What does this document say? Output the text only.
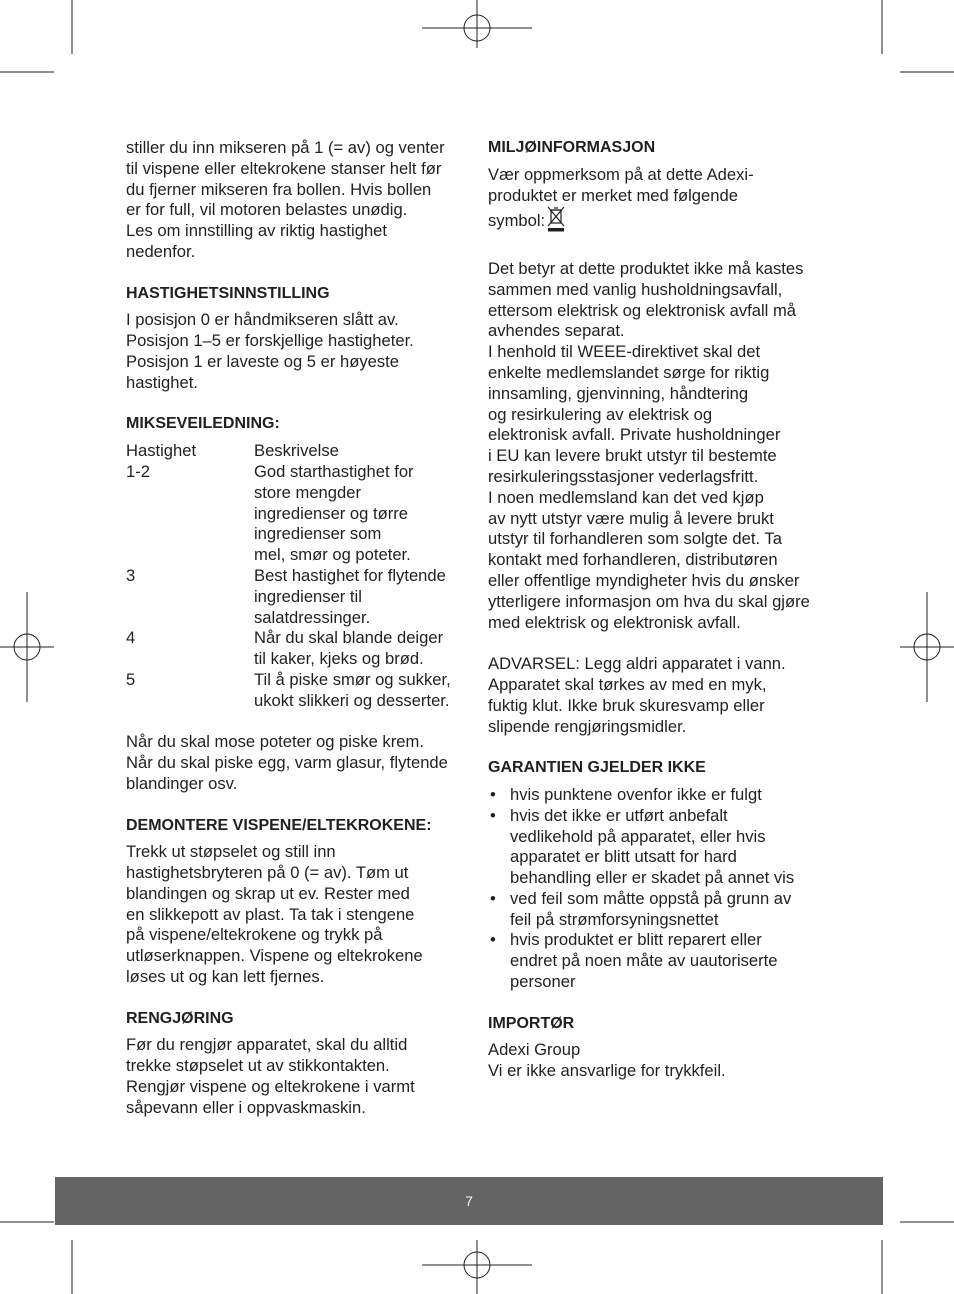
stiller du inn mikseren på 1 (= av) og venter
til vispene eller eltekrokene stanser helt før
du fjerner mikseren fra bollen. Hvis bollen
er for full, vil motoren belastes unødig.
Les om innstilling av riktig hastighet
nedenfor.

HASTIGHETSINNSTILLING

I posisjon 0 er håndmikseren slått av.
Posisjon 1–5 er forskjellige hastigheter.
Posisjon 1 er laveste og 5 er høyeste
hastighet.

MIKSEVEILEDNING:
Hastighet	Beskrivelse
1-2	God starthastighet for
store mengder
ingredienser og tørre
ingredienser som
mel, smør og poteter.
3	Best hastighet for flytende
ingredienser til
salatdressinger.
4	Når du skal blande deiger
til kaker, kjeks og brød.
5	Til å piske smør og sukker,
ukokt slikkeri og desserter.

Når du skal mose poteter og piske krem.
Når du skal piske egg, varm glasur, flytende
blandinger osv.

DEMONTERE VISPENE/ELTEKROKENE:

Trekk ut støpselet og still inn
hastighetsbryteren på 0 (= av). Tøm ut
blandingen og skrap ut ev. Rester med
en slikkepott av plast. Ta tak i stengene
på vispene/eltekrokene og trykk på
utløserknappen. Vispene og eltekrokene
løses ut og kan lett fjernes.

RENGJØRING

Før du rengjør apparatet, skal du alltid
trekke støpselet ut av stikkontakten.
Rengjør vispene og eltekrokene i varmt
såpevann eller i oppvaskmaskin.

MILJØINFORMASJON

Vær oppmerksom på at dette Adexi-
produktet er merket med følgende

symbol:

Det betyr at dette produktet ikke må kastes
sammen med vanlig husholdningsavfall,
ettersom elektrisk og elektronisk avfall må
avhendes separat.
I henhold til WEEE-direktivet skal det
enkelte medlemslandet sørge for riktig
innsamling, gjenvinning, håndtering
og resirkulering av elektrisk og
elektronisk avfall. Private husholdninger
i EU kan levere brukt utstyr til bestemte
resirkuleringsstasjoner vederlagsfritt.
I noen medlemsland kan det ved kjøp
av nytt utstyr være mulig å levere brukt
utstyr til forhandleren som solgte det. Ta
kontakt med forhandleren, distributøren
eller offentlige myndigheter hvis du ønsker
ytterligere informasjon om hva du skal gjøre
med elektrisk og elektronisk avfall.

ADVARSEL: Legg aldri apparatet i vann.
Apparatet skal tørkes av med en myk,
fuktig klut. Ikke bruk skuresvamp eller
slipende rengjøringsmidler.

GARANTIEN GJELDER IKKE
• hvis punktene ovenfor ikke er fulgt
• hvis det ikke er utført anbefalt
vedlikehold på apparatet, eller hvis
apparatet er blitt utsatt for hard
behandling eller er skadet på annet vis
• ved feil som måtte oppstå på grunn av
feil på strømforsyningsnettet
• hvis produktet er blitt reparert eller
endret på noen måte av uautoriserte
personer
IMPORTØR

Adexi Group
Vi er ikke ansvarlige for trykkfeil.

7
